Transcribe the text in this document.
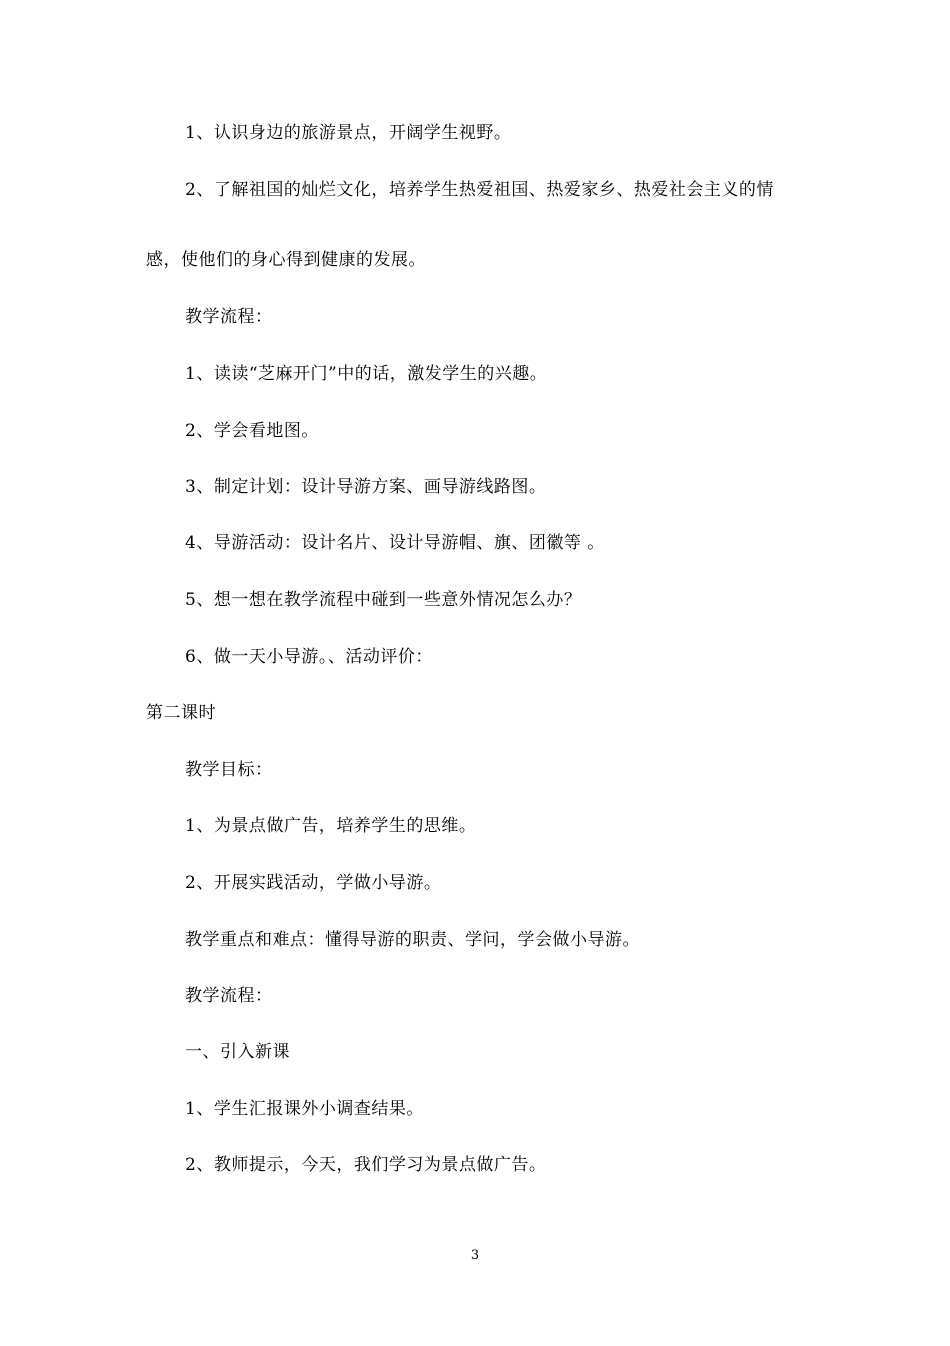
1、认识身边的旅游景点，开阔学生视野。

2、了解祖国的灿烂文化，培养学生热爱祖国、热爱家乡、热爱社会主义的情

感，使他们的身心得到健康的发展。

教学流程：

1、读读“芝麻开门”中的话，激发学生的兴趣。

2、学会看地图。

3、制定计划：设计导游方案、画导游线路图。

4、导游活动：设计名片、设计导游帽、旗、团徽等 。

5、想一想在教学流程中碰到一些意外情况怎么办？

6、做一天小导游。、活动评价：

第二课时

教学目标：

1、为景点做广告，培养学生的思维。

2、开展实践活动，学做小导游。

教学重点和难点：懂得导游的职责、学问，学会做小导游。

教学流程：

一、引入新课

1、学生汇报课外小调查结果。

2、教师提示，今天，我们学习为景点做广告。

3
